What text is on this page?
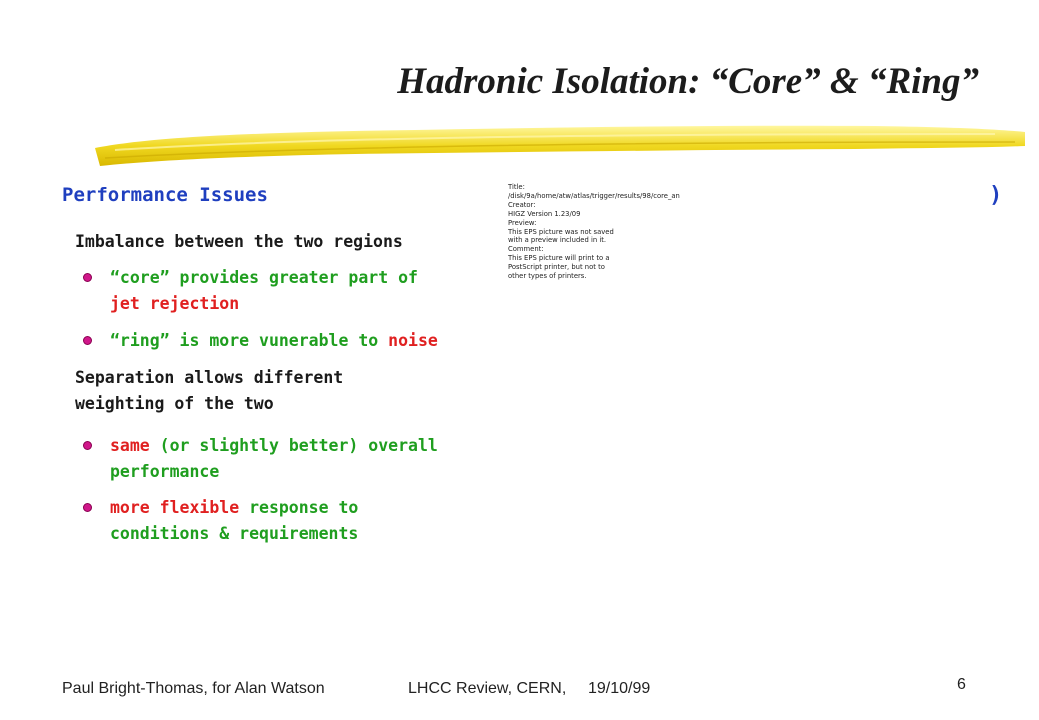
Hadronic Isolation: “Core” & “Ring”
Performance Issues
Imbalance between the two regions
“core” provides greater part of
jet rejection
“ring” is more vunerable to noise
Separation allows different
weighting of the two
same (or slightly better) overall
performance
more flexible response to
conditions & requirements
Title:
/disk/9a/home/atw/atlas/trigger/results/98/core_an
Creator:
HIGZ Version 1.23/09
Preview:
This EPS picture was not saved
with a preview included in it.
Comment:
This EPS picture will print to a
PostScript printer, but not to
other types of printers.
)
Paul Bright-Thomas, for Alan Watson	LHCC Review, CERN, 19/10/99	6
